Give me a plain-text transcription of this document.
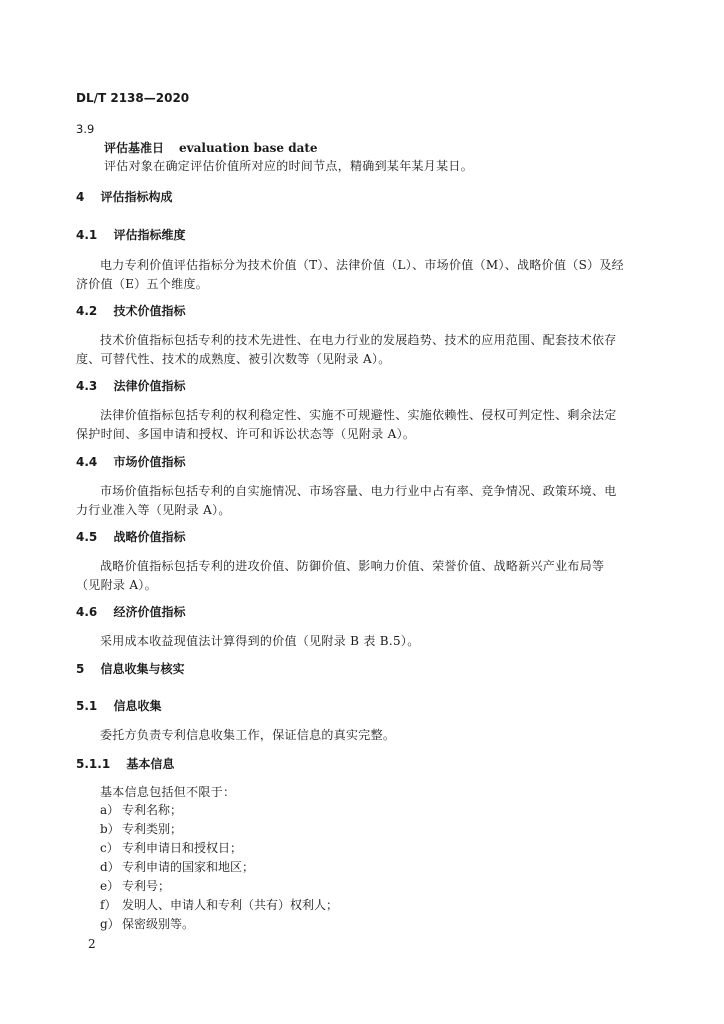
DL/T 2138—2020
3.9
评估基准日 evaluation base date
评估对象在确定评估价值所对应的时间节点，精确到某年某月某日。
4 评估指标构成
4.1 评估指标维度
电力专利价值评估指标分为技术价值（T）、法律价值（L）、市场价值（M）、战略价值（S）及经
济价值（E）五个维度。
4.2 技术价值指标
技术价值指标包括专利的技术先进性、在电力行业的发展趋势、技术的应用范围、配套技术依存
度、可替代性、技术的成熟度、被引次数等（见附录 A）。
4.3 法律价值指标
法律价值指标包括专利的权利稳定性、实施不可规避性、实施依赖性、侵权可判定性、剩余法定
保护时间、多国申请和授权、许可和诉讼状态等（见附录 A）。
4.4 市场价值指标
市场价值指标包括专利的自实施情况、市场容量、电力行业中占有率、竞争情况、政策环境、电
力行业准入等（见附录 A）。
4.5 战略价值指标
战略价值指标包括专利的进攻价值、防御价值、影响力价值、荣誉价值、战略新兴产业布局等
（见附录 A）。
4.6 经济价值指标
采用成本收益现值法计算得到的价值（见附录 B 表 B.5）。
5 信息收集与核实
5.1 信息收集
委托方负责专利信息收集工作，保证信息的真实完整。
5.1.1 基本信息
基本信息包括但不限于：
a） 专利名称；
b） 专利类别；
c） 专利申请日和授权日；
d） 专利申请的国家和地区；
e） 专利号；
f） 发明人、申请人和专利（共有）权利人；
g） 保密级别等。
2
